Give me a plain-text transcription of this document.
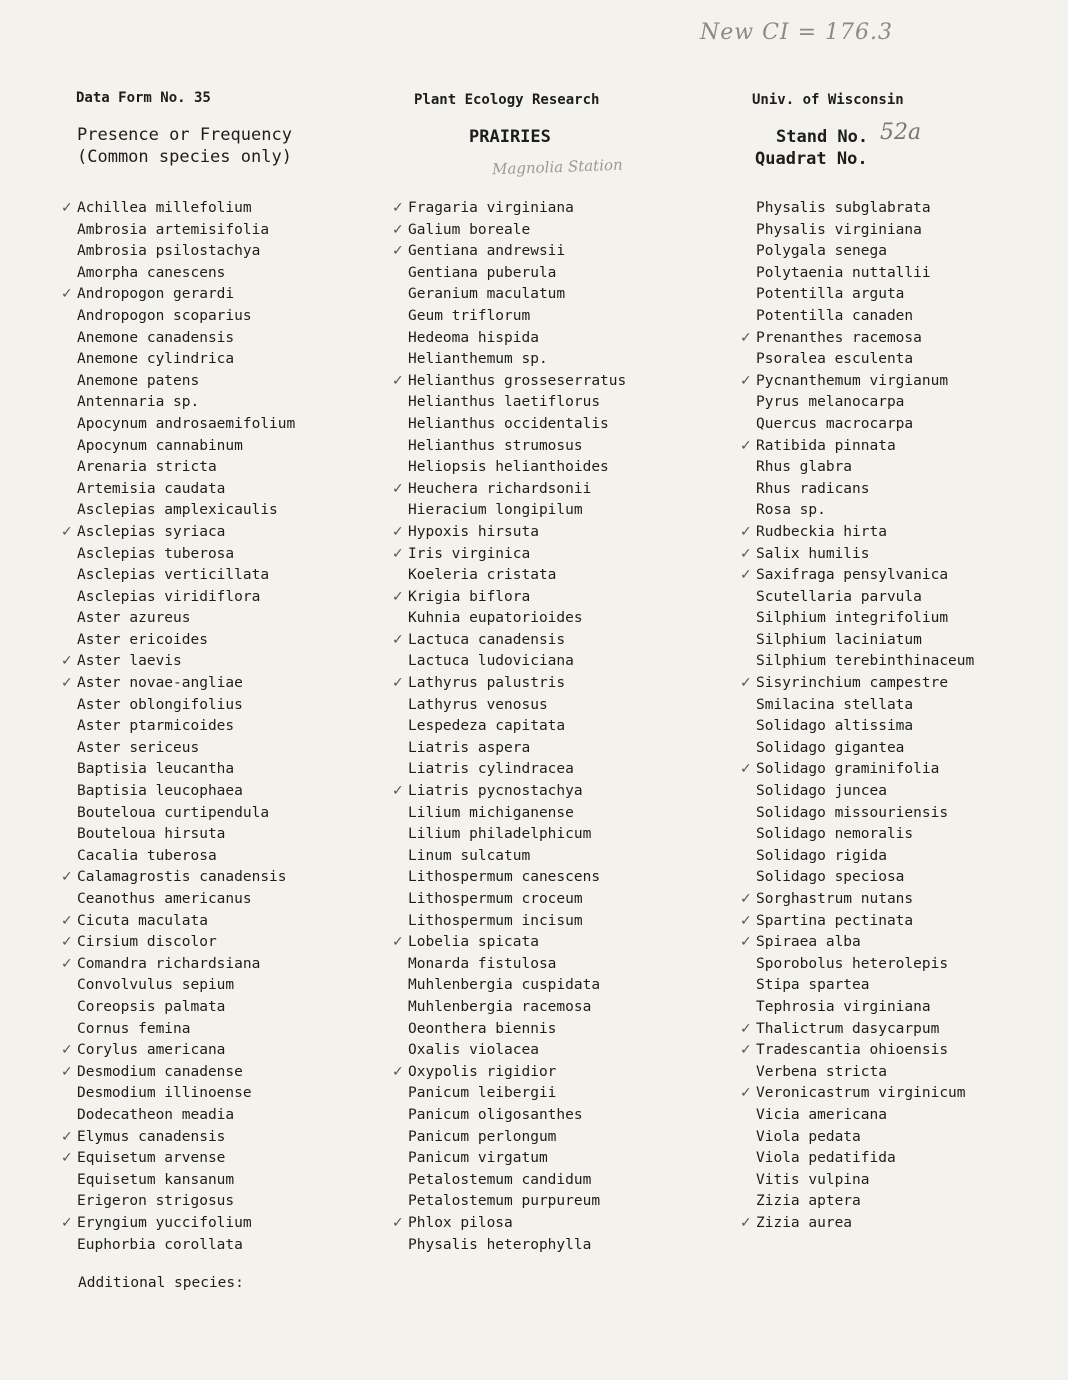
New CI = 176.3
Data Form No. 35	Plant Ecology Research	Univ. of Wisconsin
Presence or Frequency
(Common species only)
PRAIRIES	Stand No. 52a
Quadrat No.
Magnolia Station
✓ Achillea millefolium
Ambrosia artemisifolia
Ambrosia psilostachya
Amorpha canescens
✓ Andropogon gerardi
Andropogon scoparius
Anemone canadensis
Anemone cylindrica
Anemone patens
Antennaria sp.
Apocynum androsaemifolium
Apocynum cannabinum
Arenaria stricta
Artemisia caudata
Asclepias amplexicaulis
✓ Asclepias syriaca
Asclepias tuberosa
Asclepias verticillata
Asclepias viridiflora
Aster azureus
Aster ericoides
✓ Aster laevis
✓ Aster novae-angliae
Aster oblongifolius
Aster ptarmicoides
Aster sericeus
Baptisia leucantha
Baptisia leucophaea
Bouteloua curtipendula
Bouteloua hirsuta
Cacalia tuberosa
✓ Calamagrostis canadensis
Ceanothus americanus
✓ Cicuta maculata
✓ Cirsium discolor
✓ Comandra richardsiana
Convolvulus sepium
Coreopsis palmata
Cornus femina
✓ Corylus americana
✓ Desmodium canadense
Desmodium illinoense
Dodecatheon meadia
✓ Elymus canadensis
✓ Equisetum arvense
Equisetum kansanum
Erigeron strigosus
✓ Eryngium yuccifolium
Euphorbia corollata
✓ Fragaria virginiana
✓ Galium boreale
✓ Gentiana andrewsii
Gentiana puberula
Geranium maculatum
Geum triflorum
Hedeoma hispida
Helianthemum sp.
✓ Helianthus grosseserratus
Helianthus laetiflorus
Helianthus occidentalis
Helianthus strumosus
Heliopsis helianthoides
✓ Heuchera richardsonii
Hieracium longipilum
✓ Hypoxis hirsuta
✓ Iris virginica
Koeleria cristata
✓ Krigia biflora
Kuhnia eupatorioides
✓ Lactuca canadensis
Lactuca ludoviciana
✓ Lathyrus palustris
Lathyrus venosus
Lespedeza capitata
Liatris aspera
Liatris cylindracea
✓ Liatris pycnostachya
Lilium michiganense
Lilium philadelphicum
Linum sulcatum
Lithospermum canescens
Lithospermum croceum
Lithospermum incisum
✓ Lobelia spicata
Monarda fistulosa
Muhlenbergia cuspidata
Muhlenbergia racemosa
Oeonthera biennis
Oxalis violacea
✓ Oxypolis rigidior
Panicum leibergii
Panicum oligosanthes
Panicum perlongum
Panicum virgatum
Petalostemum candidum
Petalostemum purpureum
✓ Phlox pilosa
Physalis heterophylla
Physalis subglabrata
Physalis virginiana
Polygala senega
Polytaenia nuttallii
Potentilla arguta
Potentilla canaden
✓ Prenanthes racemosa
Psoralea esculenta
✓ Pycnanthemum virgianum
Pyrus melanocarpa
Quercus macrocarpa
✓ Ratibida pinnata
Rhus glabra
Rhus radicans
Rosa sp.
✓ Rudbeckia hirta
✓ Salix humilis
✓ Saxifraga pensylvanica
Scutellaria parvula
Silphium integrifolium
Silphium laciniatum
Silphium terebinthinaceum
✓ Sisyrinchium campestre
Smilacina stellata
Solidago altissima
Solidago gigantea
✓ Solidago graminifolia
Solidago juncea
Solidago missouriensis
Solidago nemoralis
Solidago rigida
Solidago speciosa
✓ Sorghastrum nutans
✓ Spartina pectinata
✓ Spiraea alba
Sporobolus heterolepis
Stipa spartea
Tephrosia virginiana
✓ Thalictrum dasycarpum
✓ Tradescantia ohioensis
Verbena stricta
✓ Veronicastrum virginicum
Vicia americana
Viola pedata
Viola pedatifida
Vitis vulpina
Zizia aptera
✓ Zizia aurea
Additional species:
